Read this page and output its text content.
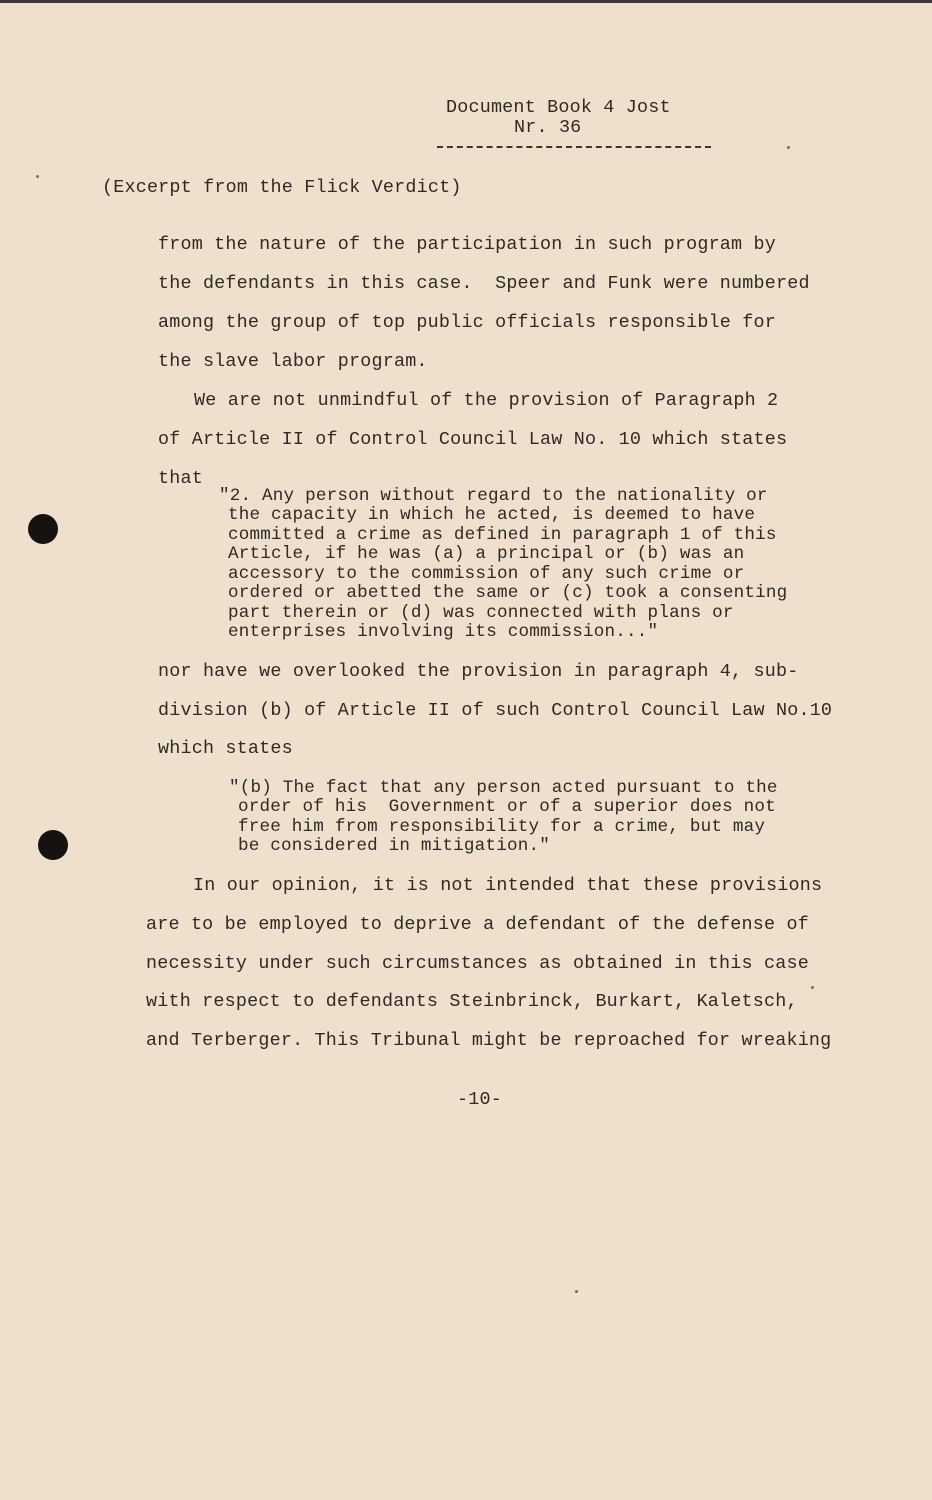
Document Book 4 Jost
Nr. 36
(Excerpt from the Flick Verdict)
from the nature of the participation in such program by
the defendants in this case.  Speer and Funk were numbered
among the group of top public officials responsible for
the slave labor program.
We are not unmindful of the provision of Paragraph 2
of Article II of Control Council Law No. 10 which states
that
"2. Any person without regard to the nationality or
the capacity in which he acted, is deemed to have
committed a crime as defined in paragraph 1 of this
Article, if he was (a) a principal or (b) was an
accessory to the commission of any such crime or
ordered or abetted the same or (c) took a consenting
part therein or (d) was connected with plans or
enterprises involving its commission..."
nor have we overlooked the provision in paragraph 4, sub-
division (b) of Article II of such Control Council Law No.10
which states
"(b) The fact that any person acted pursuant to the
order of his  Government or of a superior does not
free him from responsibility for a crime, but may
be considered in mitigation."
In our opinion, it is not intended that these provisions
are to be employed to deprive a defendant of the defense of
necessity under such circumstances as obtained in this case
with respect to defendants Steinbrinck, Burkart, Kaletsch,
and Terberger. This Tribunal might be reproached for wreaking
-10-
